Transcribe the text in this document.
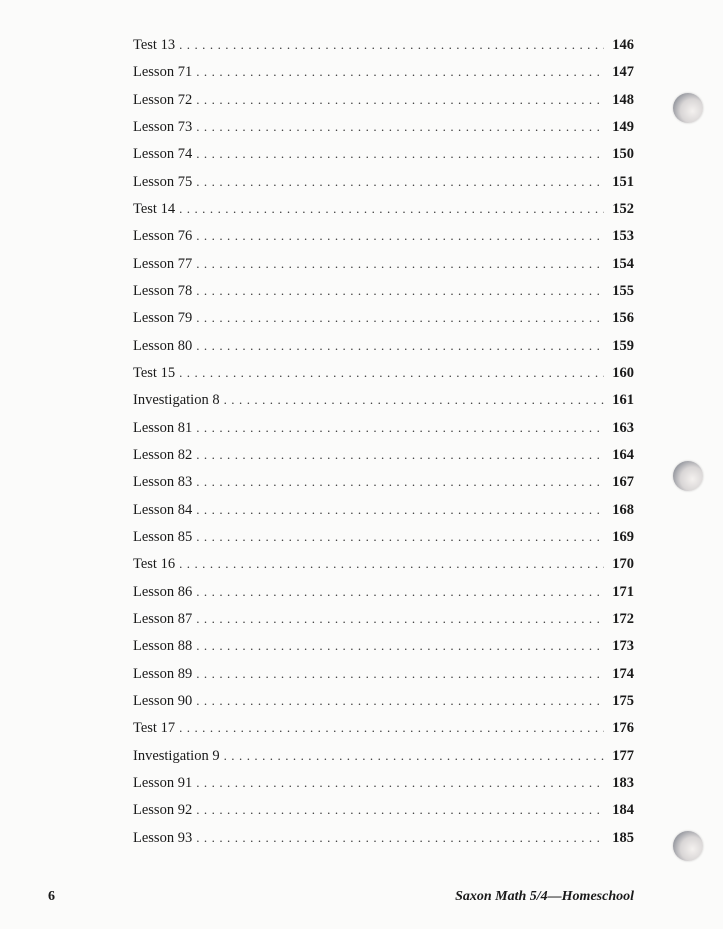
Test 13 . . .	146
Lesson 71 . . .	147
Lesson 72 . . .	148
Lesson 73 . . .	149
Lesson 74 . . .	150
Lesson 75 . . .	151
Test 14 . . .	152
Lesson 76 . . .	153
Lesson 77 . . .	154
Lesson 78 . . .	155
Lesson 79 . . .	156
Lesson 80 . . .	159
Test 15 . . .	160
Investigation 8 . . .	161
Lesson 81 . . .	163
Lesson 82 . . .	164
Lesson 83 . . .	167
Lesson 84 . . .	168
Lesson 85 . . .	169
Test 16 . . .	170
Lesson 86 . . .	171
Lesson 87 . . .	172
Lesson 88 . . .	173
Lesson 89 . . .	174
Lesson 90 . . .	175
Test 17 . . .	176
Investigation 9 . . .	177
Lesson 91 . . .	183
Lesson 92 . . .	184
Lesson 93 . . .	185
6	Saxon Math 5/4—Homeschool
